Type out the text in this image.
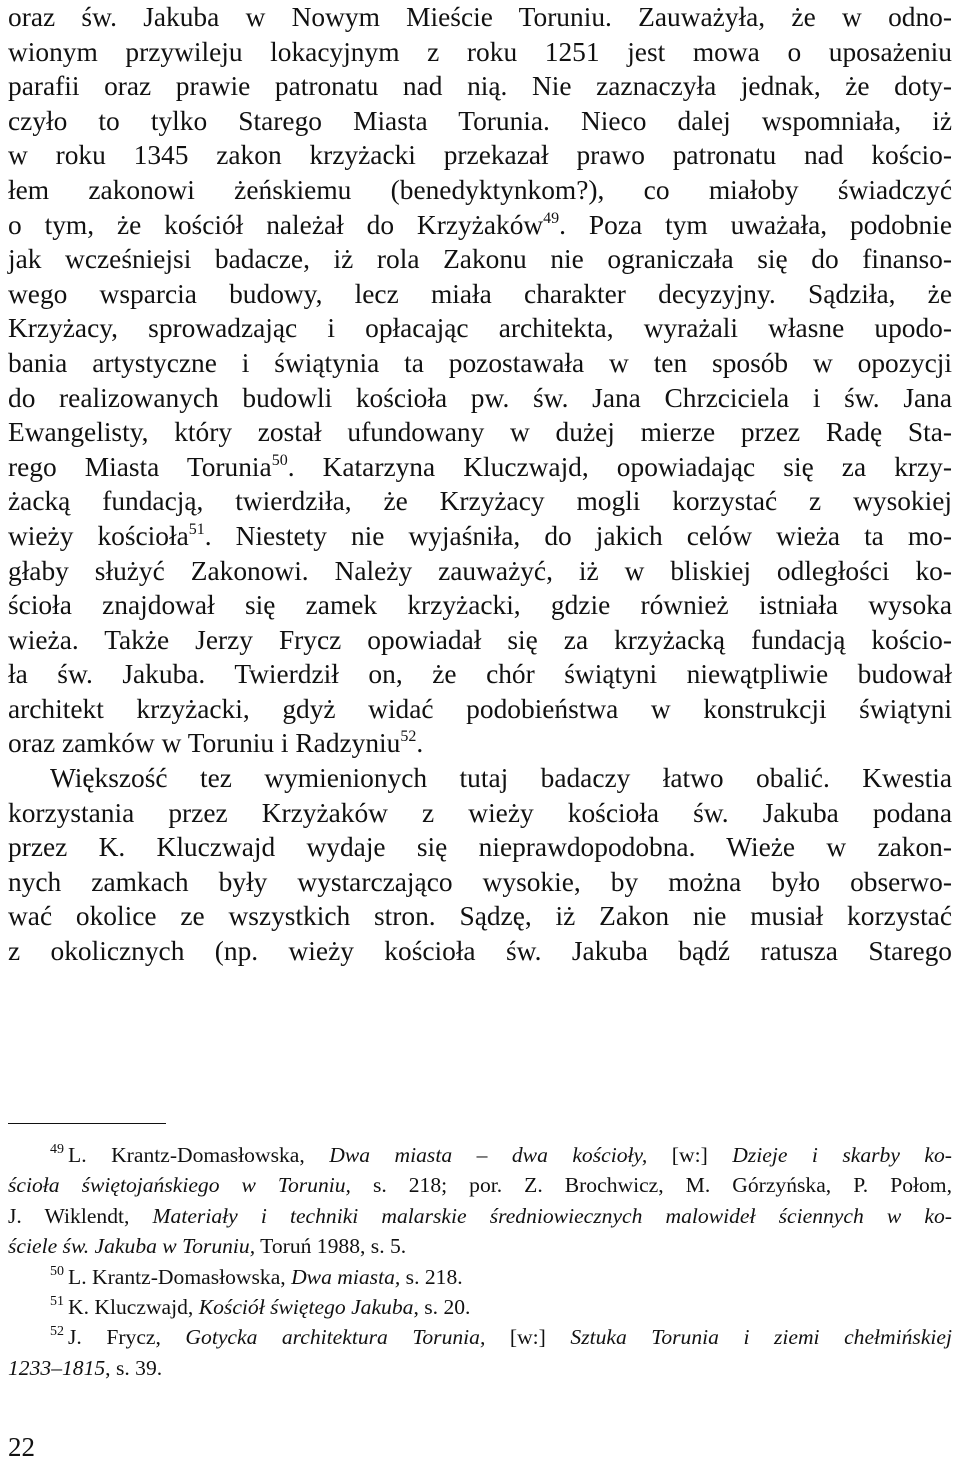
oraz św. Jakuba w Nowym Mieście Toruniu. Zauważyła, że w odno-
wionym przywileju lokacyjnym z roku 1251 jest mowa o uposażeniu
parafii oraz prawie patronatu nad nią. Nie zaznaczyła jednak, że doty-
czyło to tylko Starego Miasta Torunia. Nieco dalej wspomniała, iż
w roku 1345 zakon krzyżacki przekazał prawo patronatu nad kościo-
łem zakonowi żeńskiemu (benedyktynkom?), co miałoby świadczyć
o tym, że kościół należał do Krzyżaków$^{49}$. Poza tym uważała, podobnie
jak wcześniejsi badacze, iż rola Zakonu nie ograniczała się do finanso-
wego wsparcia budowy, lecz miała charakter decyzyjny. Sądziła, że
Krzyżacy, sprowadzając i opłacając architekta, wyrażali własne upodo-
bania artystyczne i świątynia ta pozostawała w ten sposób w opozycji
do realizowanych budowli kościoła pw. św. Jana Chrzciciela i św. Jana
Ewangelisty, który został ufundowany w dużej mierze przez Radę Sta-
rego Miasta Torunia$^{50}$. Katarzyna Kluczwajd, opowiadając się za krzy-
żacką fundacją, twierdziła, że Krzyżacy mogli korzystać z wysokiej
wieży kościoła$^{51}$. Niestety nie wyjaśniła, do jakich celów wieża ta mo-
głaby służyć Zakonowi. Należy zauważyć, iż w bliskiej odległości ko-
ścioła znajdował się zamek krzyżacki, gdzie również istniała wysoka
wieża. Także Jerzy Frycz opowiadał się za krzyżacką fundacją kościo-
ła św. Jakuba. Twierdził on, że chór świątyni niewątpliwie budował
architekt krzyżacki, gdyż widać podobieństwa w konstrukcji świątyni
oraz zamków w Toruniu i Radzyniu$^{52}$.
Większość tez wymienionych tutaj badaczy łatwo obalić. Kwestia
korzystania przez Krzyżaków z wieży kościoła św. Jakuba podana
przez K. Kluczwajd wydaje się nieprawdopodobna. Wieże w zakon-
nych zamkach były wystarczająco wysokie, by można było obserwo-
wać okolice ze wszystkich stron. Sądzę, iż Zakon nie musiał korzystać
z okolicznych (np. wieży kościoła św. Jakuba bądź ratusza Starego
$^{49}$ L. Krantz-Domasłowska, Dwa miasta – dwa kościoły, [w:] Dzieje i skarby ko-
ścioła świętojańskiego w Toruniu, s. 218; por. Z. Brochwicz, M. Górzyńska, P. Połom,
J. Wiklendt, Materiały i techniki malarskie średniowiecznych malowideł ściennych w ko-
ściele św. Jakuba w Toruniu, Toruń 1988, s. 5.
$^{50}$ L. Krantz-Domasłowska, Dwa miasta, s. 218.
$^{51}$ K. Kluczwajd, Kościół świętego Jakuba, s. 20.
$^{52}$ J. Frycz, Gotycka architektura Torunia, [w:] Sztuka Torunia i ziemi chełmińskiej
1233–1815, s. 39.
22
